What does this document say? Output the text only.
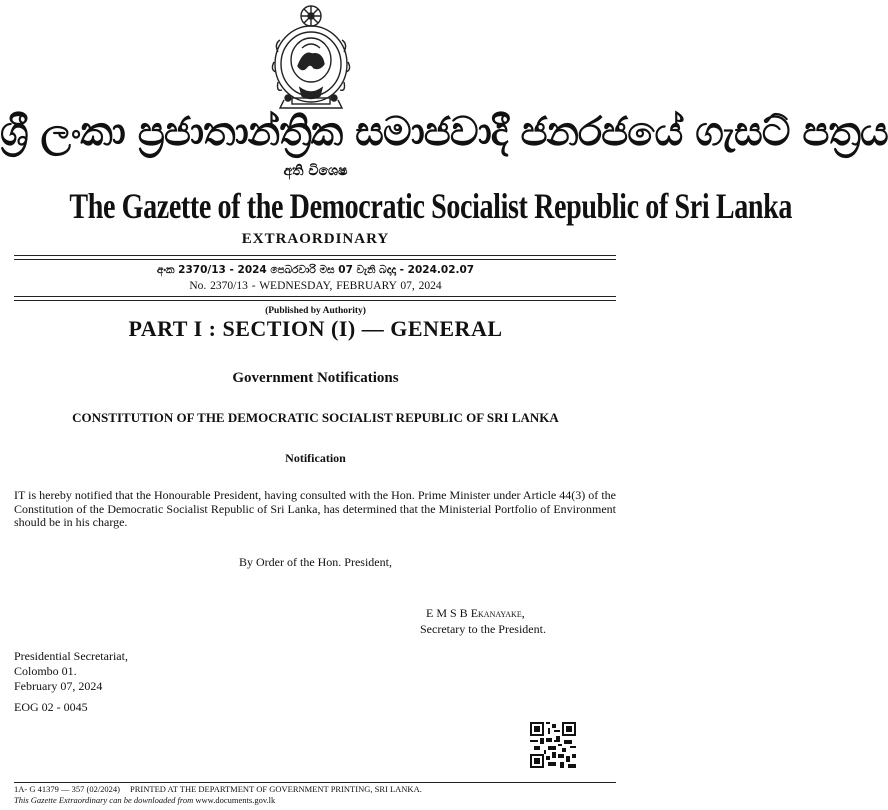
ශ්‍රී ලංකා ප්‍රජාතාන්ත්‍රික සමාජවාදී ජනරජයේ ගැසට් පත්‍රය
අති විශෙෂ
The Gazette of the Democratic Socialist Republic of Sri Lanka
EXTRAORDINARY
අංක 2370/13 - 2024 පෙබරවාරි මස 07 වැනි බදාදා - 2024.02.07
No. 2370/13 - WEDNESDAY, FEBRUARY 07, 2024
(Published by Authority)
PART I : SECTION (I) — GENERAL
Government Notifications
CONSTITUTION OF THE DEMOCRATIC SOCIALIST REPUBLIC OF SRI LANKA
Notification
IT is hereby notified that the Honourable President, having consulted with the Hon. Prime Minister under Article 44(3) of the Constitution of the Democratic Socialist Republic of Sri Lanka, has determined that the Ministerial Portfolio of Environment should be in his charge.
By Order of the Hon. President,
E M S B Ekanayake,
Secretary to the President.
Presidential Secretariat,
Colombo 01.
February 07, 2024
EOG 02 - 0045
1A- G 41379 — 357 (02/2024) PRINTED AT THE DEPARTMENT OF GOVERNMENT PRINTING, SRI LANKA.
This Gazette Extraordinary can be downloaded from www.documents.gov.lk
